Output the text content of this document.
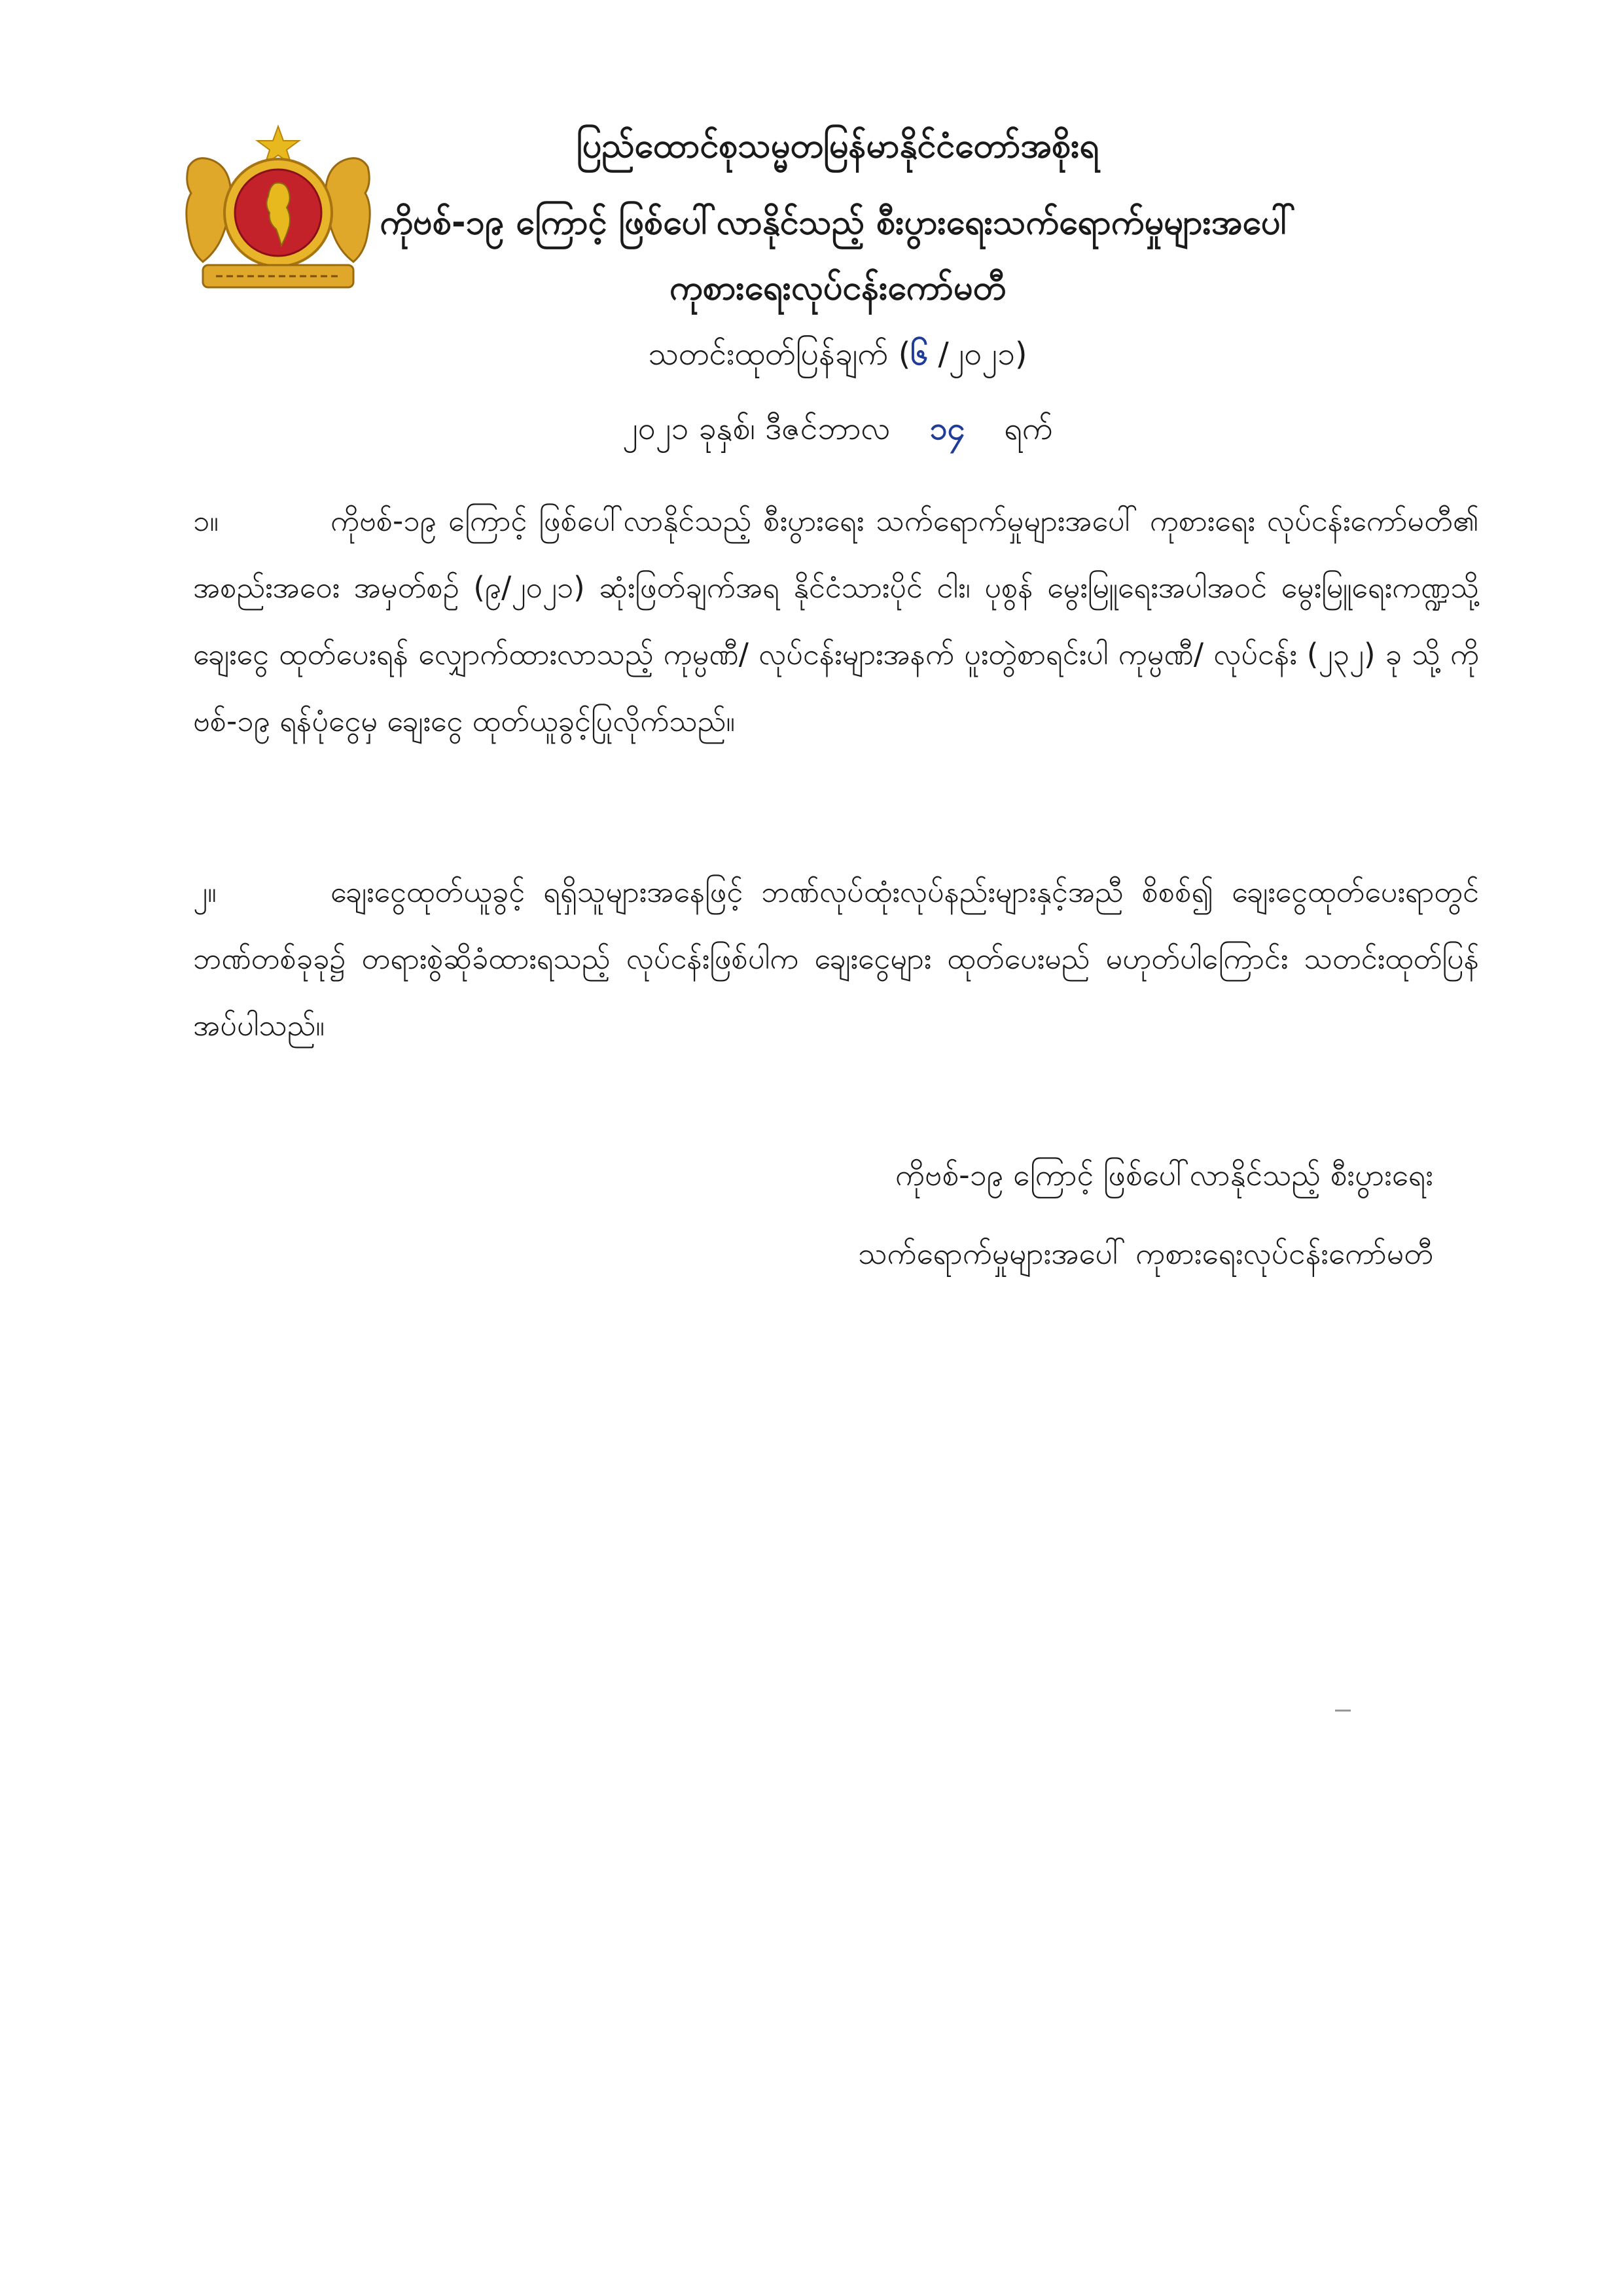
ပြည်ထောင်စုသမ္မတမြန်မာနိုင်ငံတော်အစိုးရ
ကိုဗစ်-၁၉ ကြောင့် ဖြစ်ပေါ်လာနိုင်သည့် စီးပွားရေးသက်ရောက်မှုများအပေါ်
ကုစားရေးလုပ်ငန်းကော်မတီ
သတင်းထုတ်ပြန်ချက် (၆ /၂၀၂၁)
၂၀၂၁ ခုနှစ်၊ ဒီဇင်ဘာလ ၁၄ ရက်
၁။	ကိုဗစ်-၁၉ ကြောင့် ဖြစ်ပေါ်လာနိုင်သည့် စီးပွားရေး သက်ရောက်မှုများအပေါ် ကုစားရေး လုပ်ငန်းကော်မတီ၏ အစည်းအဝေး အမှတ်စဉ် (၉/၂၀၂၁) ဆုံးဖြတ်ချက်အရ နိုင်ငံသားပိုင် ငါး၊ ပုစွန် မွေးမြူရေးအပါအဝင် မွေးမြူရေးကဏ္ဍသို့ ချေးငွေ ထုတ်ပေးရန် လျှောက်ထားလာသည့် ကုမ္ပဏီ/ လုပ်ငန်းများအနက် ပူးတွဲစာရင်းပါ ကုမ္ပဏီ/ လုပ်ငန်း (၂၃၂) ခု သို့ ကိုဗစ်-၁၉ ရန်ပုံငွေမှ ချေးငွေ ထုတ်ယူခွင့်ပြုလိုက်သည်။
၂။	ချေးငွေထုတ်ယူခွင့် ရရှိသူများအနေဖြင့် ဘဏ်လုပ်ထုံးလုပ်နည်းများနှင့်အညီ စိစစ်၍ ချေးငွေထုတ်ပေးရာတွင် ဘဏ်တစ်ခုခု၌ တရားစွဲဆိုခံထားရသည့် လုပ်ငန်းဖြစ်ပါက ချေးငွေများ ထုတ်ပေးမည် မဟုတ်ပါကြောင်း သတင်းထုတ်ပြန်အပ်ပါသည်။
ကိုဗစ်-၁၉ ကြောင့် ဖြစ်ပေါ်လာနိုင်သည့် စီးပွားရေး
သက်ရောက်မှုများအပေါ် ကုစားရေးလုပ်ငန်းကော်မတီ
